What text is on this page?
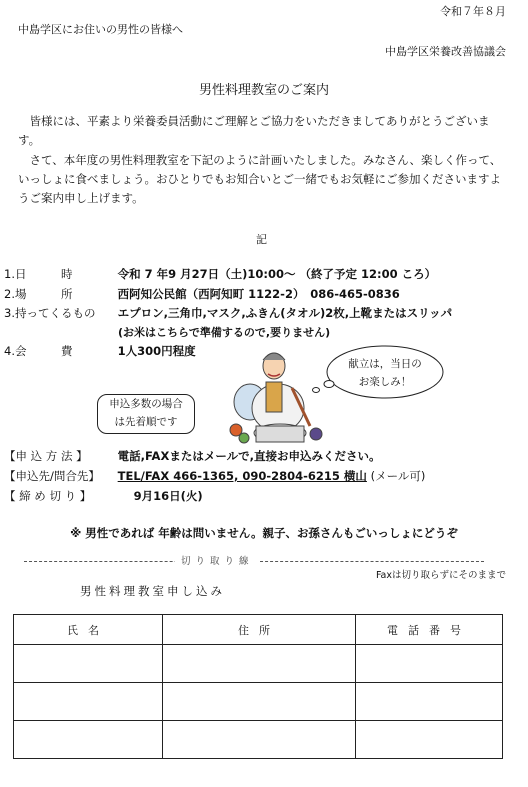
令和７年８月
中島学区にお住いの男性の皆様へ
中島学区栄養改善協議会
男性料理教室のご案内
皆様には、平素より栄養委員活動にご理解とご協力をいただきましてありがとうございます。
さて、本年度の男性料理教室を下記のように計画いたしました。みなさん、楽しく作って、いっしょに食べましょう。おひとりでもお知合いとご一緒でもお気軽にご参加くださいますようご案内申し上げます。
記
1.日　　　時	令和 7 年9 月27日（土)10:00～ （終了予定 12:00 ころ）
2.場　　　所	西阿知公民館（西阿知町 1122-2）　086-465-0836
3.持ってくるもの エプロン,三角巾,マスク,ふきん(タオル)2枚,上靴またはスリッパ
(お米はこちらで準備するので,要りません)
4.会　　　費	1人300円程度
申込多数の場合
は先着順です
献立は，当日の
お楽しみ！
【申 込 方 法 】	電話,FAXまたはメールで,直接お申込みください。
【申込先/問合先】 TEL/FAX 466-1365, 090-2804-6215 横山 (メール可)
【 締 め 切 り 】	9月16日(火)
※ 男性であれば 年齢は問いません。親子、お孫さんもごいっしょにどうぞ
切り取り線
Faxは切り取らずにそのままで
男性料理教室申し込み
氏名	住所	電話番号
